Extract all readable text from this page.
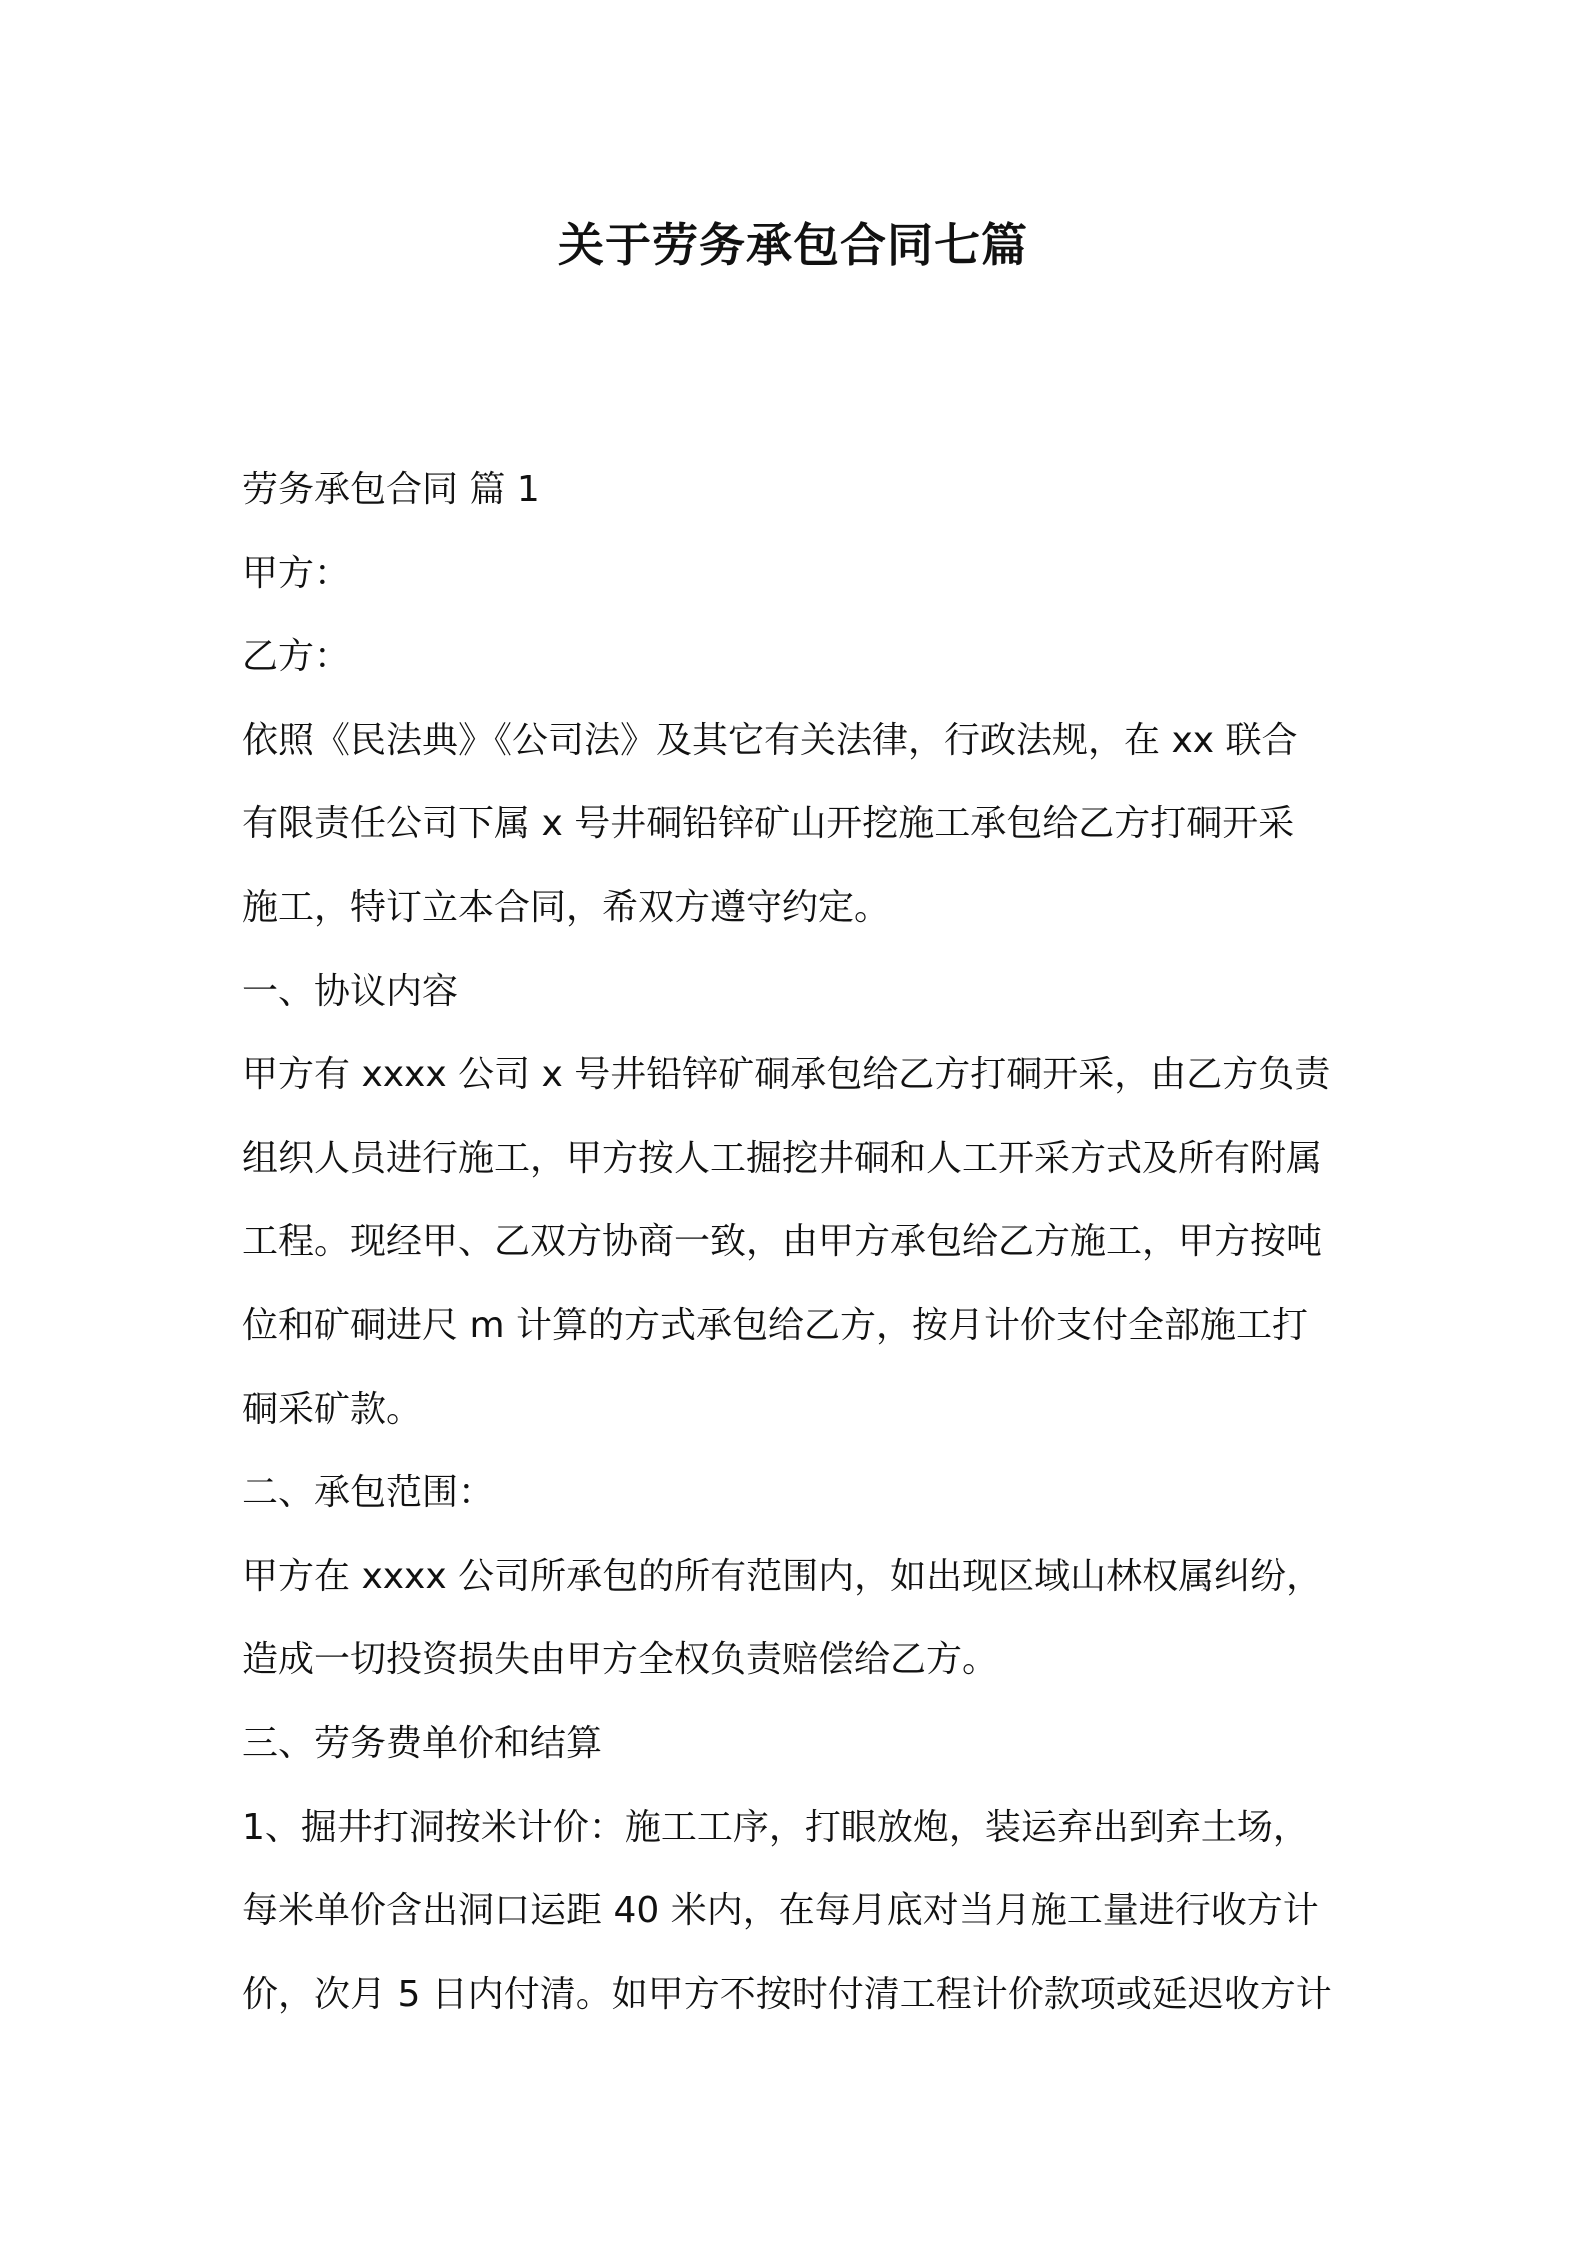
关于劳务承包合同七篇

劳务承包合同 篇 1

甲方：

乙方：

依照《民法典》《公司法》及其它有关法律，行政法规，在 xx 联合

有限责任公司下属 x 号井硐铅锌矿山开挖施工承包给乙方打硐开采

施工，特订立本合同，希双方遵守约定。

一、协议内容

甲方有 xxxx 公司 x 号井铅锌矿硐承包给乙方打硐开采，由乙方负责

组织人员进行施工，甲方按人工掘挖井硐和人工开采方式及所有附属

工程。现经甲、乙双方协商一致，由甲方承包给乙方施工，甲方按吨

位和矿硐进尺 m 计算的方式承包给乙方，按月计价支付全部施工打

硐采矿款。

二、承包范围：

甲方在 xxxx 公司所承包的所有范围内，如出现区域山林权属纠纷，

造成一切投资损失由甲方全权负责赔偿给乙方。

三、劳务费单价和结算

1、掘井打洞按米计价：施工工序，打眼放炮，装运弃出到弃土场，

每米单价含出洞口运距 40 米内，在每月底对当月施工量进行收方计

价，次月 5 日内付清。如甲方不按时付清工程计价款项或延迟收方计
